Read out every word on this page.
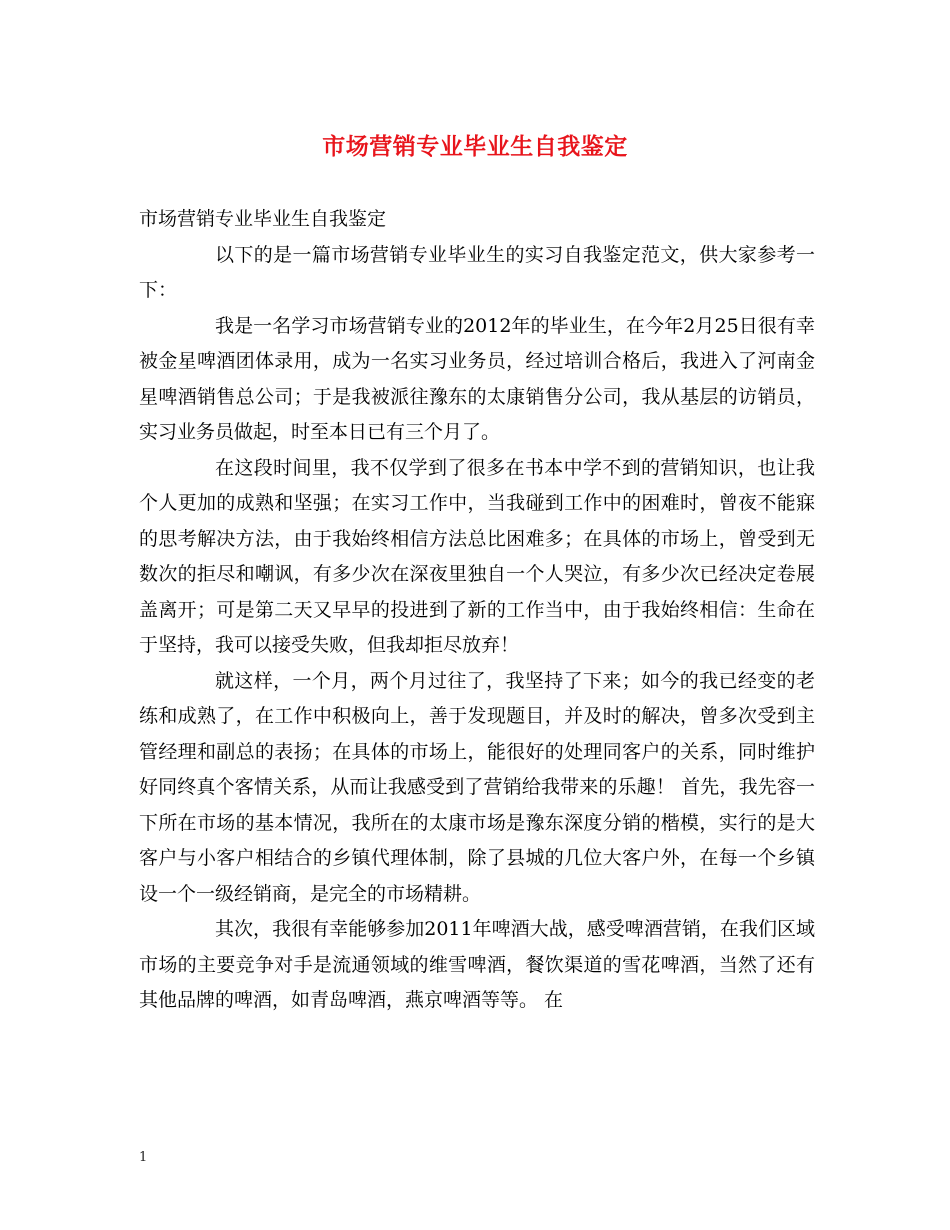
市场营销专业毕业生自我鉴定

市场营销专业毕业生自我鉴定

以下的是一篇市场营销专业毕业生的实习自我鉴定范文，供大家参考一下：

我是一名学习市场营销专业的2012年的毕业生，在今年2月25日很有幸被金星啤酒团体录用，成为一名实习业务员，经过培训合格后，我进入了河南金星啤酒销售总公司；于是我被派往豫东的太康销售分公司，我从基层的访销员，实习业务员做起，时至本日已有三个月了。

在这段时间里，我不仅学到了很多在书本中学不到的营销知识，也让我个人更加的成熟和坚强；在实习工作中，当我碰到工作中的困难时，曾夜不能寐的思考解决方法，由于我始终相信方法总比困难多；在具体的市场上，曾受到无数次的拒尽和嘲讽，有多少次在深夜里独自一个人哭泣，有多少次已经决定卷展盖离开；可是第二天又早早的投进到了新的工作当中，由于我始终相信：生命在于坚持，我可以接受失败，但我却拒尽放弃！

就这样，一个月，两个月过往了，我坚持了下来；如今的我已经变的老练和成熟了，在工作中积极向上，善于发现题目，并及时的解决，曾多次受到主管经理和副总的表扬；在具体的市场上，能很好的处理同客户的关系，同时维护好同终真个客情关系，从而让我感受到了营销给我带来的乐趣！ 首先，我先容一下所在市场的基本情况，我所在的太康市场是豫东深度分销的楷模，实行的是大客户与小客户相结合的乡镇代理体制，除了县城的几位大客户外，在每一个乡镇设一个一级经销商，是完全的市场精耕。

其次，我很有幸能够参加2011年啤酒大战，感受啤酒营销，在我们区域市场的主要竞争对手是流通领域的维雪啤酒，餐饮渠道的雪花啤酒，当然了还有其他品牌的啤酒，如青岛啤酒，燕京啤酒等等。 在

1
